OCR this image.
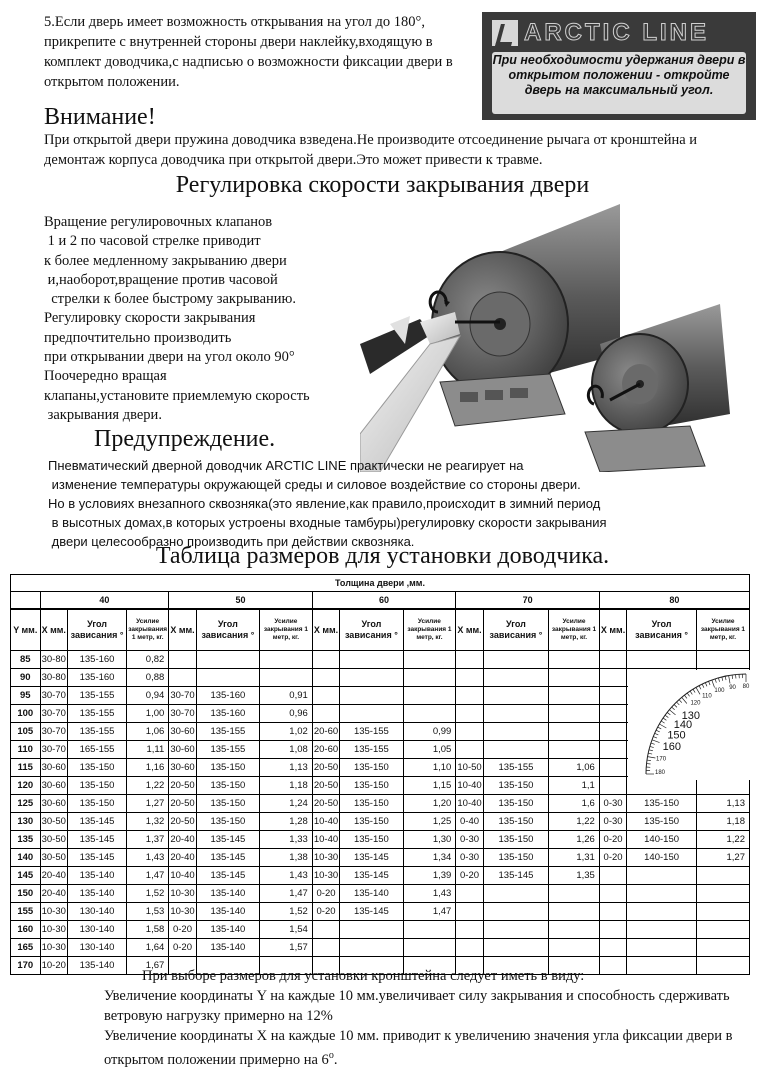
5.Если дверь имеет возможность открывания на угол до 180°, прикрепите с внутренней стороны двери наклейку,входящую в комплект доводчика,с надписью о возможности фиксации двери в открытом положении.
ARCTIC LINE
При необходимости удержания двери в открытом положении - откройте дверь на максимальный угол.
Внимание!
При открытой двери пружина доводчика взведена.Не производите отсоединение рычага от кронштейна и демонтаж корпуса доводчика при открытой двери.Это может привести к травме.
Регулировка скорости закрывания двери
Вращение регулировочных клапанов
1 и 2 по часовой стрелке приводит
к более медленному закрыванию двери
и,наоборот,вращение против часовой
стрелки к более быстрому закрыванию.
Регулировку скорости закрывания
предпочтительно производить
при открывании двери на угол около 90°
Поочередно вращая
клапаны,установите приемлемую скорость
закрывания двери.
Предупреждение.
Пневматический дверной доводчик ARCTIC LINE практически не реагирует на
изменение температуры окружающей среды и силовое воздействие со стороны двери.
Но в условиях внезапного сквозняка(это явление,как правило,происходит в зимний период
в высотных домах,в которых устроены входные тамбуры)регулировку скорости закрывания
двери целесообразно производить при действии сквозняка.
Таблица размеров для установки доводчика.
Толщина двери ,мм.															
	40			50			60			70			80		
Y мм.	X мм.	Угол зависания °	Усилие закрывания 1 метр, кг.	X мм.	Угол зависания °	Усилие закрывания 1 метр, кг.	X мм.	Угол зависания °	Усилие закрывания 1 метр, кг.	X мм.	Угол зависания °	Усилие закрывания 1 метр, кг.	X мм.	Угол зависания °	Усилие закрывания 1 метр, кг.
85	30-80	135-160	0,82												
90	30-80	135-160	0,88												
95	30-70	135-155	0,94	30-70	135-160	0,91									
100	30-70	135-155	1,00	30-70	135-160	0,96									
105	30-70	135-155	1,06	30-60	135-155	1,02	20-60	135-155	0,99						
110	30-70	165-155	1,11	30-60	135-155	1,08	20-60	135-155	1,05						
115	30-60	135-150	1,16	30-60	135-150	1,13	20-50	135-150	1,10	10-50	135-155	1,06			
120	30-60	135-150	1,22	20-50	135-150	1,18	20-50	135-150	1,15	10-40	135-150	1,1			
125	30-60	135-150	1,27	20-50	135-150	1,24	20-50	135-150	1,20	10-40	135-150	1,6	0-30	135-150	1,13
130	30-50	135-145	1,32	20-50	135-150	1,28	10-40	135-150	1,25	0-40	135-150	1,22	0-30	135-150	1,18
135	30-50	135-145	1,37	20-40	135-145	1,33	10-40	135-150	1,30	0-30	135-150	1,26	0-20	140-150	1,22
140	30-50	135-145	1,43	20-40	135-145	1,38	10-30	135-145	1,34	0-30	135-150	1,31	0-20	140-150	1,27
145	20-40	135-140	1,47	10-40	135-145	1,43	10-30	135-145	1,39	0-20	135-145	1,35			
150	20-40	135-140	1,52	10-30	135-140	1,47	0-20	135-140	1,43						
155	10-30	130-140	1,53	10-30	135-140	1,52	0-20	135-145	1,47						
160	10-30	130-140	1,58	0-20	135-140	1,54									
165	10-30	130-140	1,64	0-20	135-140	1,57									
170	10-20	135-140	1,67												
180
170
160
150
140
130
120
110
100
90 80
При выборе размеров для установки кронштейна следует иметь в виду:
Увеличение координаты Y на каждые 10 мм.увеличивает силу закрывания и способность сдерживать ветровую нагрузку примерно на 12%
Увеличение координаты X на каждые 10 мм. приводит к увеличению значения угла фиксации двери в открытом положении примерно на $6^о$.
